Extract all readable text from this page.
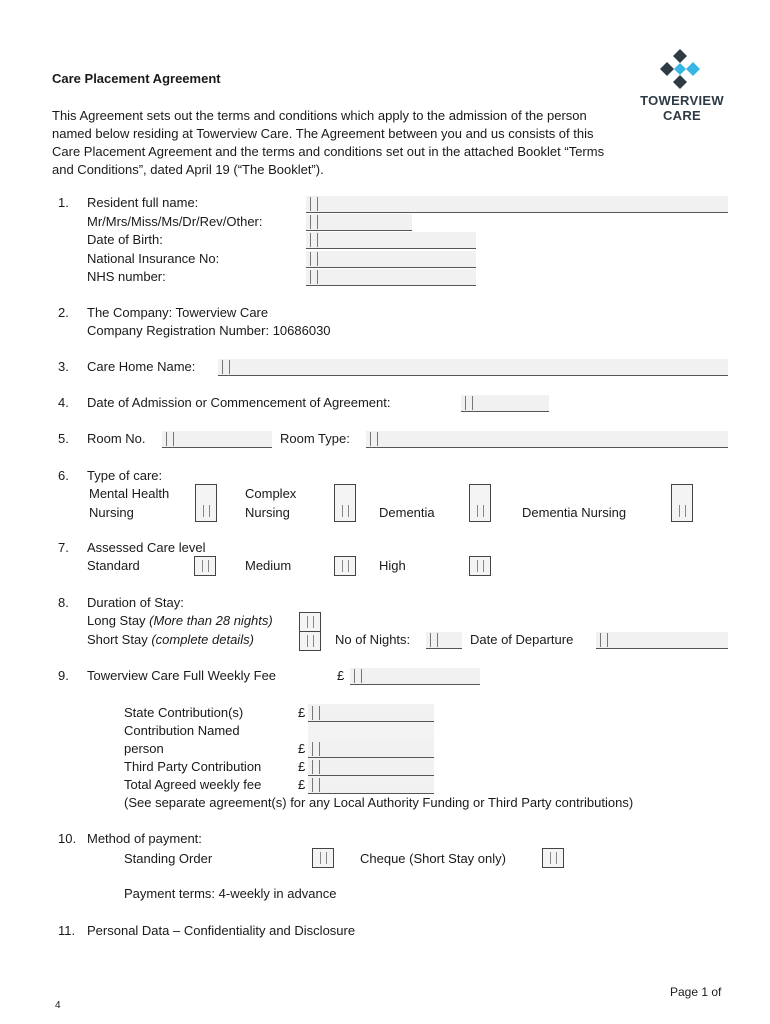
TOWERVIEW
CARE
Care Placement Agreement
This Agreement sets out the terms and conditions which apply to the admission of the person named below residing at Towerview Care. The Agreement between you and us consists of this Care Placement Agreement and the terms and conditions set out in the attached Booklet “Terms and Conditions”, dated April 19 (“The Booklet”).
1. Resident full name:
Mr/Mrs/Miss/Ms/Dr/Rev/Other:
Date of Birth:
National Insurance No:
NHS number:
2. The Company: Towerview Care
Company Registration Number: 10686030
3. Care Home Name:
4. Date of Admission or Commencement of Agreement:
5. Room No.	Room Type:
6. Type of care:
Mental Health
Nursing
Complex
Nursing	Dementia	Dementia Nursing
7. Assessed Care level
Standard	Medium	High
8. Duration of Stay:
Long Stay (More than 28 nights)
Short Stay (complete details)	No of Nights:	Date of Departure
9. Towerview Care Full Weekly Fee	£
State Contribution(s)	£
Contribution Named
person	£
Third Party Contribution	£
Total Agreed weekly fee	£
(See separate agreement(s) for any Local Authority Funding or Third Party contributions)
10. Method of payment:
Standing Order	Cheque (Short Stay only)
Payment terms: 4-weekly in advance
11. Personal Data – Confidentiality and Disclosure
Page 1 of
4
